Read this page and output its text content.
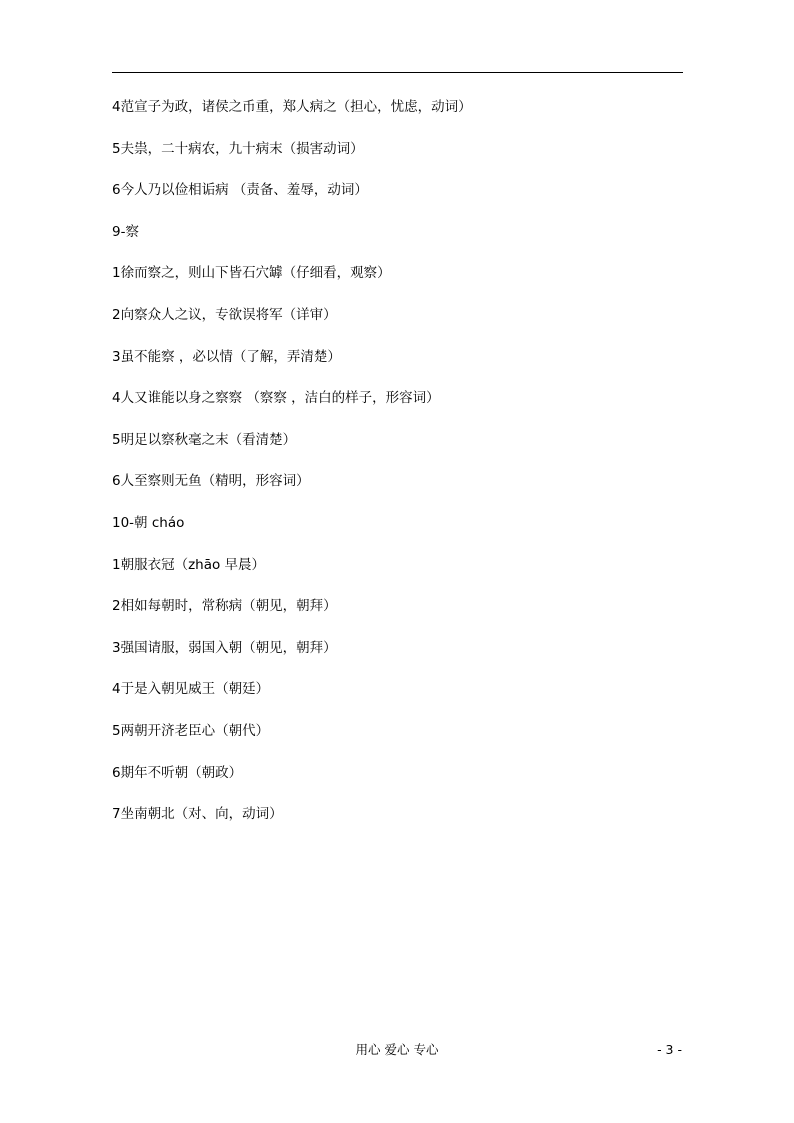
4范宣子为政，诸侯之币重，郑人病之（担心，忧虑，动词）
5夫祟，二十病农，九十病末（损害动词）
6今人乃以俭相诟病 （责备、羞辱，动词）
9-察
1徐而察之，则山下皆石穴罅（仔细看，观察）
2向察众人之议，专欲误将军（详审）
3虽不能察 ，必以情（了解，弄清楚）
4人又谁能以身之察察 （察察 ，洁白的样子，形容词）
5明足以察秋毫之末（看清楚）
6人至察则无鱼（精明，形容词）
10-朝 cháo
1朝服衣冠（zhāo 早晨）
2相如每朝时，常称病（朝见，朝拜）
3强国请服，弱国入朝（朝见，朝拜）
4于是入朝见威王（朝廷）
5两朝开济老臣心（朝代）
6期年不听朝（朝政）
7坐南朝北（对、向，动词）
用心 爱心 专心	- 3 -
